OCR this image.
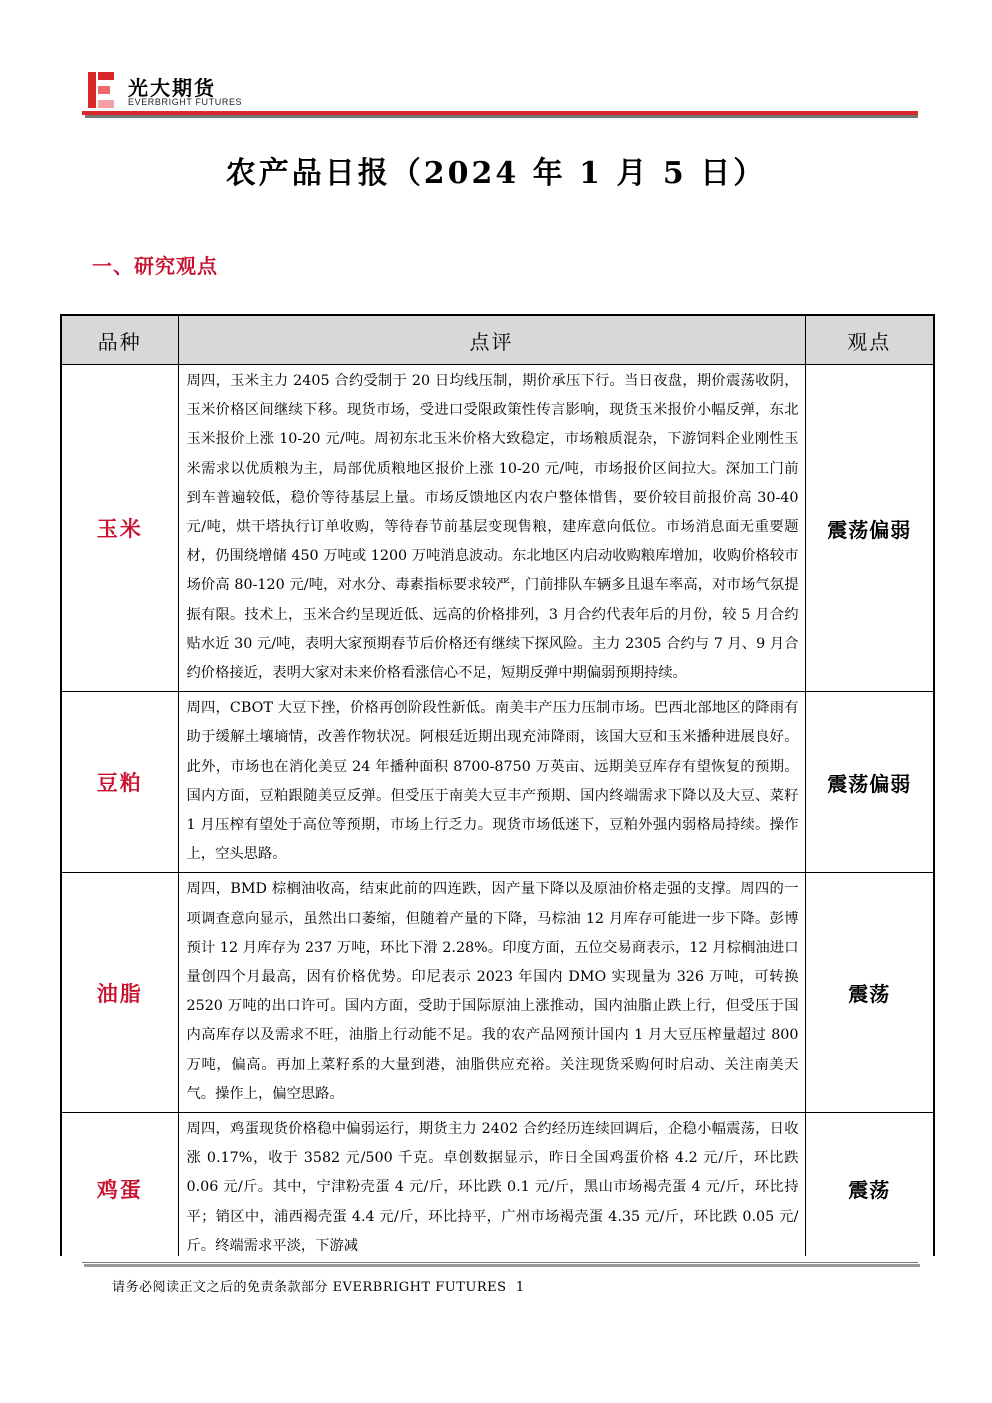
光大期货
EVERBRIGHT FUTURES
农产品日报（2024 年 1 月 5 日）
一、研究观点
品种	点评	观点
玉米	周四，玉米主力 2405 合约受制于 20 日均线压制，期价承压下行。当日夜盘，期价震荡收阴，玉米价格区间继续下移。现货市场，受进口受限政策性传言影响，现货玉米报价小幅反弹，东北玉米报价上涨 10-20 元/吨。周初东北玉米价格大致稳定，市场粮质混杂，下游饲料企业刚性玉米需求以优质粮为主，局部优质粮地区报价上涨 10-20 元/吨，市场报价区间拉大。深加工门前到车普遍较低，稳价等待基层上量。市场反馈地区内农户整体惜售，要价较目前报价高 30-40 元/吨，烘干塔执行订单收购，等待春节前基层变现售粮，建库意向低位。市场消息面无重要题材，仍围绕增储 450 万吨或 1200 万吨消息波动。东北地区内启动收购粮库增加，收购价格较市场价高 80-120 元/吨，对水分、毒素指标要求较严，门前排队车辆多且退车率高，对市场气氛提振有限。技术上，玉米合约呈现近低、远高的价格排列，3 月合约代表年后的月份，较 5 月合约贴水近 30 元/吨，表明大家预期春节后价格还有继续下探风险。主力 2305 合约与 7 月、9 月合约价格接近，表明大家对未来价格看涨信心不足，短期反弹中期偏弱预期持续。	震荡偏弱
豆粕	周四，CBOT 大豆下挫，价格再创阶段性新低。南美丰产压力压制市场。巴西北部地区的降雨有助于缓解土壤墒情，改善作物状况。阿根廷近期出现充沛降雨，该国大豆和玉米播种进展良好。此外，市场也在消化美豆 24 年播种面积 8700-8750 万英亩、远期美豆库存有望恢复的预期。国内方面，豆粕跟随美豆反弹。但受压于南美大豆丰产预期、国内终端需求下降以及大豆、菜籽 1 月压榨有望处于高位等预期，市场上行乏力。现货市场低迷下，豆粕外强内弱格局持续。操作上，空头思路。	震荡偏弱
油脂	周四，BMD 棕榈油收高，结束此前的四连跌，因产量下降以及原油价格走强的支撑。周四的一项调查意向显示，虽然出口萎缩，但随着产量的下降，马棕油 12 月库存可能进一步下降。彭博预计 12 月库存为 237 万吨，环比下滑 2.28%。印度方面，五位交易商表示，12 月棕榈油进口量创四个月最高，因有价格优势。印尼表示 2023 年国内 DMO 实现量为 326 万吨，可转换 2520 万吨的出口许可。国内方面，受助于国际原油上涨推动，国内油脂止跌上行，但受压于国内高库存以及需求不旺，油脂上行动能不足。我的农产品网预计国内 1 月大豆压榨量超过 800 万吨，偏高。再加上菜籽系的大量到港，油脂供应充裕。关注现货采购何时启动、关注南美天气。操作上，偏空思路。	震荡
鸡蛋	周四，鸡蛋现货价格稳中偏弱运行，期货主力 2402 合约经历连续回调后，企稳小幅震荡，日收涨 0.17%，收于 3582 元/500 千克。卓创数据显示，昨日全国鸡蛋价格 4.2 元/斤，环比跌 0.06 元/斤。其中，宁津粉壳蛋 4 元/斤，环比跌 0.1 元/斤，黑山市场褐壳蛋 4 元/斤，环比持平；销区中，浦西褐壳蛋 4.4 元/斤，环比持平，广州市场褐壳蛋 4.35 元/斤，环比跌 0.05 元/斤。终端需求平淡，下游减	震荡
请务必阅读正文之后的免责条款部分 EVERBRIGHT FUTURES 1
